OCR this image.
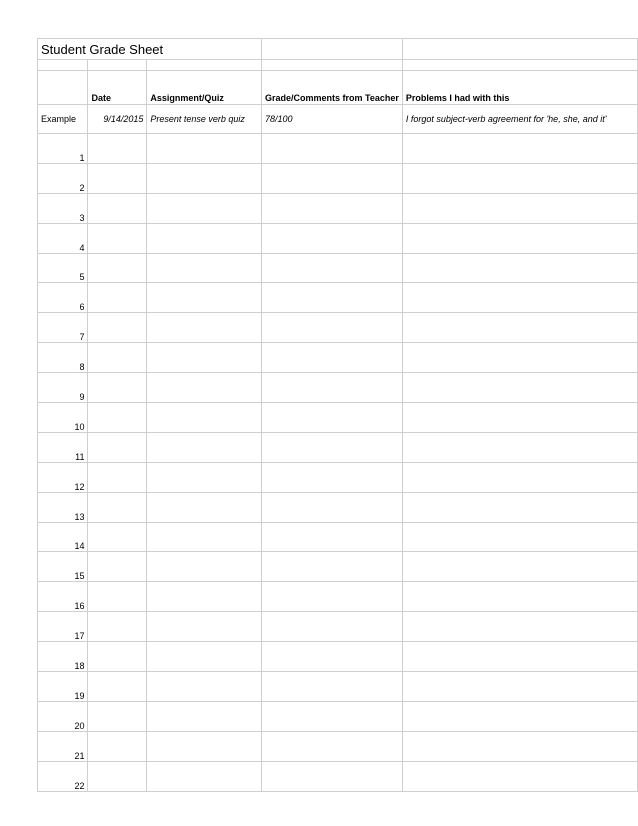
Student Grade Sheet				

	Date	Assignment/Quiz	Grade/Comments from Teacher	Problems I had with this
Example	9/14/2015	Present tense verb quiz	78/100	I forgot subject-verb agreement for 'he, she, and it'
1				
2				
3				
4				
5				
6				
7				
8				
9				
10				
11				
12				
13				
14				
15				
16				
17				
18				
19				
20				
21				
22				
